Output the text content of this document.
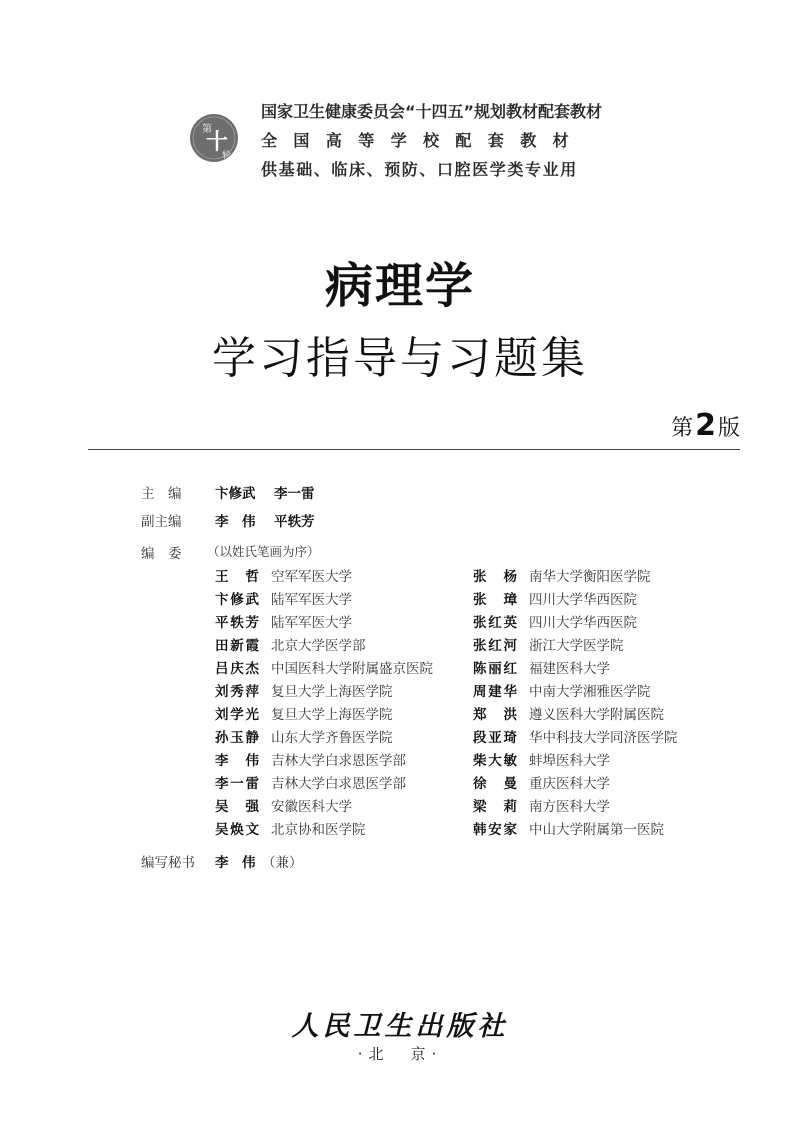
第
十
轮
国家卫生健康委员会“十四五”规划教材配套教材
全国高等学校配套教材
供基础、临床、预防、口腔医学类专业用
病理学
学习指导与习题集
第2版
主　编 卞修武 李一雷
副主编 李　伟 平轶芳
编　委 （以姓氏笔画为序）
王哲 空军军医大学
卞修武 陆军军医大学
平轶芳 陆军军医大学
田新霞 北京大学医学部
吕庆杰 中国医科大学附属盛京医院
刘秀萍 复旦大学上海医学院
刘学光 复旦大学上海医学院
孙玉静 山东大学齐鲁医学院
李伟 吉林大学白求恩医学部
李一雷 吉林大学白求恩医学部
吴强 安徽医科大学
吴焕文 北京协和医学院
张杨 南华大学衡阳医学院
张璋 四川大学华西医院
张红英 四川大学华西医院
张红河 浙江大学医学院
陈丽红 福建医科大学
周建华 中南大学湘雅医学院
郑洪 遵义医科大学附属医院
段亚琦 华中科技大学同济医学院
柴大敏 蚌埠医科大学
徐曼 重庆医科大学
梁莉 南方医科大学
韩安家 中山大学附属第一医院
编写秘书 李　伟 （兼）
人民卫生出版社
·北　京·
